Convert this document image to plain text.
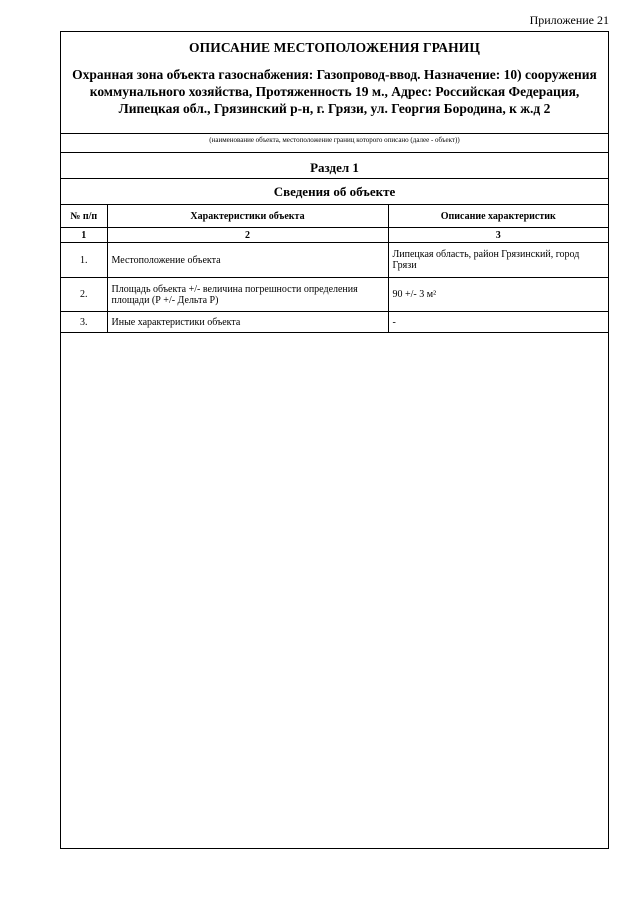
Приложение 21
ОПИСАНИЕ МЕСТОПОЛОЖЕНИЯ ГРАНИЦ
Охранная зона объекта газоснабжения: Газопровод-ввод. Назначение: 10) сооружения коммунального хозяйства, Протяженность 19 м., Адрес: Российская Федерация, Липецкая обл., Грязинский р-н, г. Грязи, ул. Георгия Бородина, к ж.д 2
(наименование объекта, местоположение границ которого описано (далее - объект))
Раздел 1
Сведения об объекте
№ п/п	Характеристики объекта	Описание характеристик
1	2	3
1.	Местоположение объекта	Липецкая область, район Грязинский, город Грязи
2.	Площадь объекта +/- величина погрешности определения площади (Р +/- Дельта Р)	90 +/- 3 м²
3.	Иные характеристики объекта	-
